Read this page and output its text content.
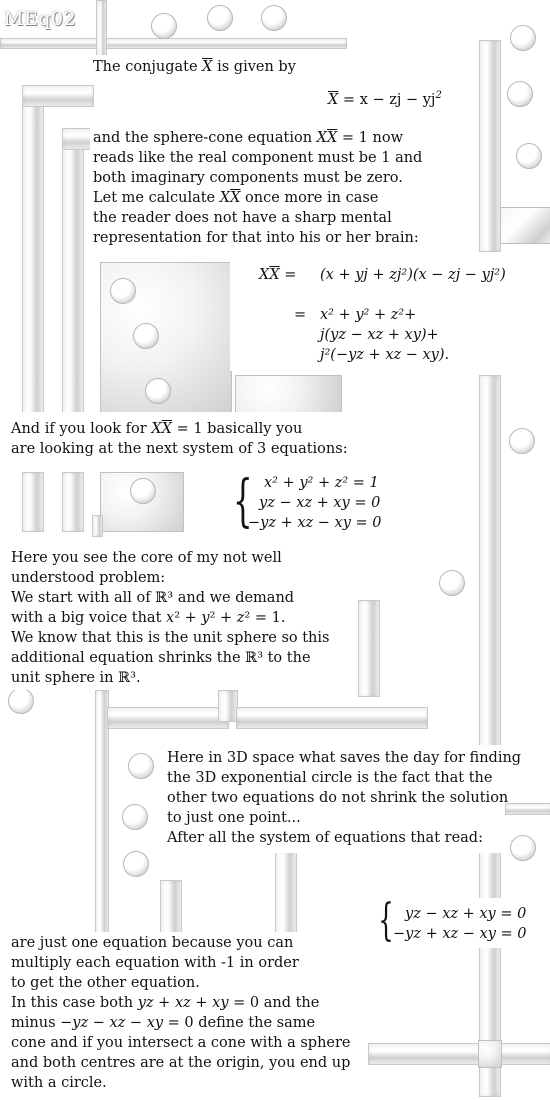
MEq02
The conjugate $\overline{X}$ is given by
$\overline{X} = x$ − zj − $yj^2$
and the sphere-cone equation $X\overline{X} = 1$ now
reads like the real component must be 1 and
both imaginary components must be zero.
Let me calculate $X\overline{X}$ once more in case
the reader does not have a sharp mental
representation for that into his or her brain:
$X\overline{X} = (x$ + yj + zj²)(x − zj − yj²)
= x² + y² + z²+
j(yz − xz + xy)+
j²(−yz + xz − xy).
And if you look for $X\overline{X} = 1$ basically you
are looking at the next system of 3 equations:
{ x² + y² + z² = 1
yz − xz + xy = 0
−yz + xz − xy = 0
Here you see the core of my not well
understood problem:
We start with all of ℝ³ and we demand
with a big voice that x² + y² + z² = 1.
We know that this is the unit sphere so this
additional equation shrinks the ℝ³ to the
unit sphere in ℝ³.
Here in 3D space what saves the day for finding
the 3D exponential circle is the fact that the
other two equations do not shrink the solution
to just one point...
After all the system of equations that read:
{ yz − xz + xy = 0
−yz + xz − xy = 0
are just one equation because you can
multiply each equation with -1 in order
to get the other equation.
In this case both yz + xz + xy = 0 and the
minus −yz − xz − xy = 0 define the same
cone and if you intersect a cone with a sphere
and both centres are at the origin, you end up
with a circle.
